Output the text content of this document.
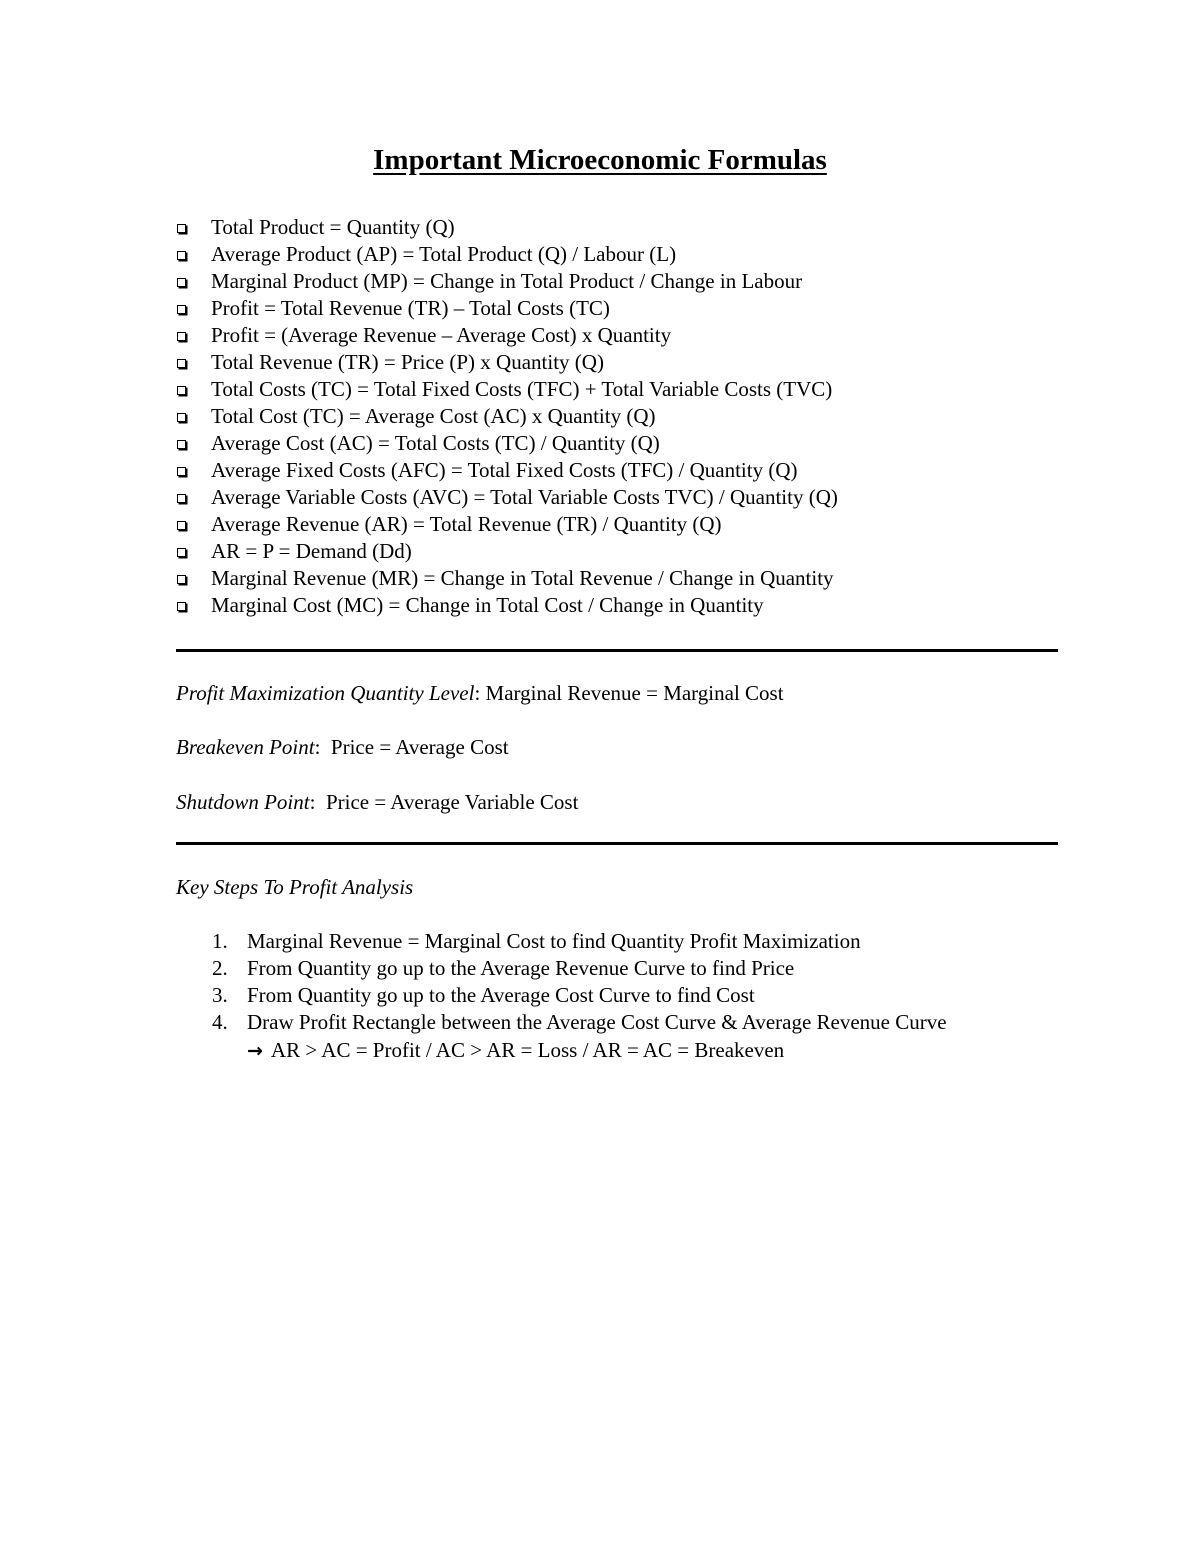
Important Microeconomic Formulas
Total Product = Quantity (Q)
Average Product (AP) = Total Product (Q) / Labour (L)
Marginal Product (MP) = Change in Total Product / Change in Labour
Profit = Total Revenue (TR) – Total Costs (TC)
Profit = (Average Revenue – Average Cost) x Quantity
Total Revenue (TR) = Price (P) x Quantity (Q)
Total Costs (TC) = Total Fixed Costs (TFC) + Total Variable Costs (TVC)
Total Cost (TC) = Average Cost (AC) x Quantity (Q)
Average Cost (AC) = Total Costs (TC) / Quantity (Q)
Average Fixed Costs (AFC) = Total Fixed Costs (TFC) / Quantity (Q)
Average Variable Costs (AVC) = Total Variable Costs TVC) / Quantity (Q)
Average Revenue (AR) = Total Revenue (TR) / Quantity (Q)
AR = P = Demand (Dd)
Marginal Revenue (MR) = Change in Total Revenue / Change in Quantity
Marginal Cost (MC) = Change in Total Cost / Change in Quantity
Profit Maximization Quantity Level: Marginal Revenue = Marginal Cost
Breakeven Point:  Price = Average Cost
Shutdown Point:  Price = Average Variable Cost
Key Steps To Profit Analysis
1. Marginal Revenue = Marginal Cost to find Quantity Profit Maximization
2. From Quantity go up to the Average Revenue Curve to find Price
3. From Quantity go up to the Average Cost Curve to find Cost
4. Draw Profit Rectangle between the Average Cost Curve & Average Revenue Curve
→ AR > AC = Profit / AC > AR = Loss / AR = AC = Breakeven
